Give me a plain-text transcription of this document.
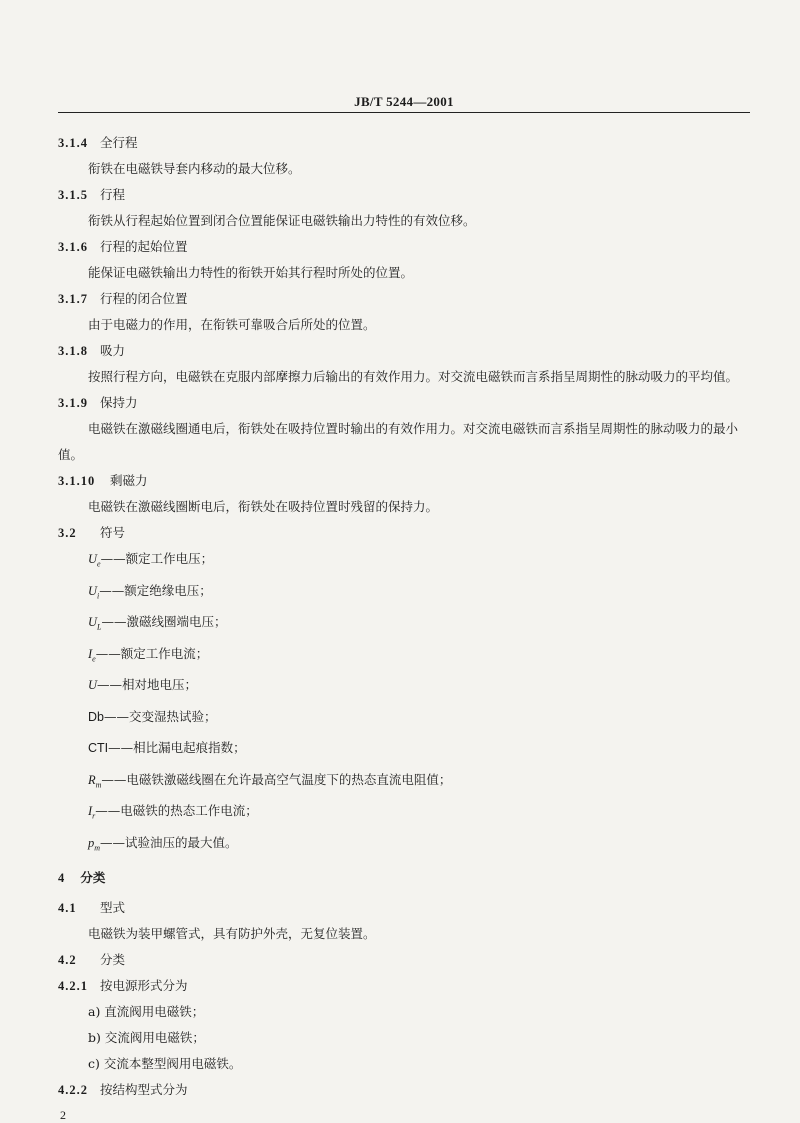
JB/T 5244—2001
3.1.4 全行程
衔铁在电磁铁导套内移动的最大位移。
3.1.5 行程
衔铁从行程起始位置到闭合位置能保证电磁铁输出力特性的有效位移。
3.1.6 行程的起始位置
能保证电磁铁输出力特性的衔铁开始其行程时所处的位置。
3.1.7 行程的闭合位置
由于电磁力的作用，在衔铁可靠吸合后所处的位置。
3.1.8 吸力
按照行程方向，电磁铁在克服内部摩擦力后输出的有效作用力。对交流电磁铁而言系指呈周期性的脉动吸力的平均值。
3.1.9 保持力
电磁铁在激磁线圈通电后，衔铁处在吸持位置时输出的有效作用力。对交流电磁铁而言系指呈周期性的脉动吸力的最小值。
3.1.10 剩磁力
电磁铁在激磁线圈断电后，衔铁处在吸持位置时残留的保持力。
3.2 符号
$U_e——$额定工作电压；
$U_i——$额定绝缘电压；
$U_L——$激磁线圈端电压；
$I_e——$额定工作电流；
U——相对地电压；
Db——交变湿热试验；
CTI——相比漏电起痕指数；
$R_m——$电磁铁激磁线圈在允许最高空气温度下的热态直流电阻值；
$I_r——$电磁铁的热态工作电流；
$p_m——$试验油压的最大值。
4 分类
4.1 型式
电磁铁为装甲螺管式，具有防护外壳，无复位装置。
4.2 分类
4.2.1 按电源形式分为
a) 直流阀用电磁铁；
b) 交流阀用电磁铁；
c) 交流本整型阀用电磁铁。
4.2.2 按结构型式分为
2
